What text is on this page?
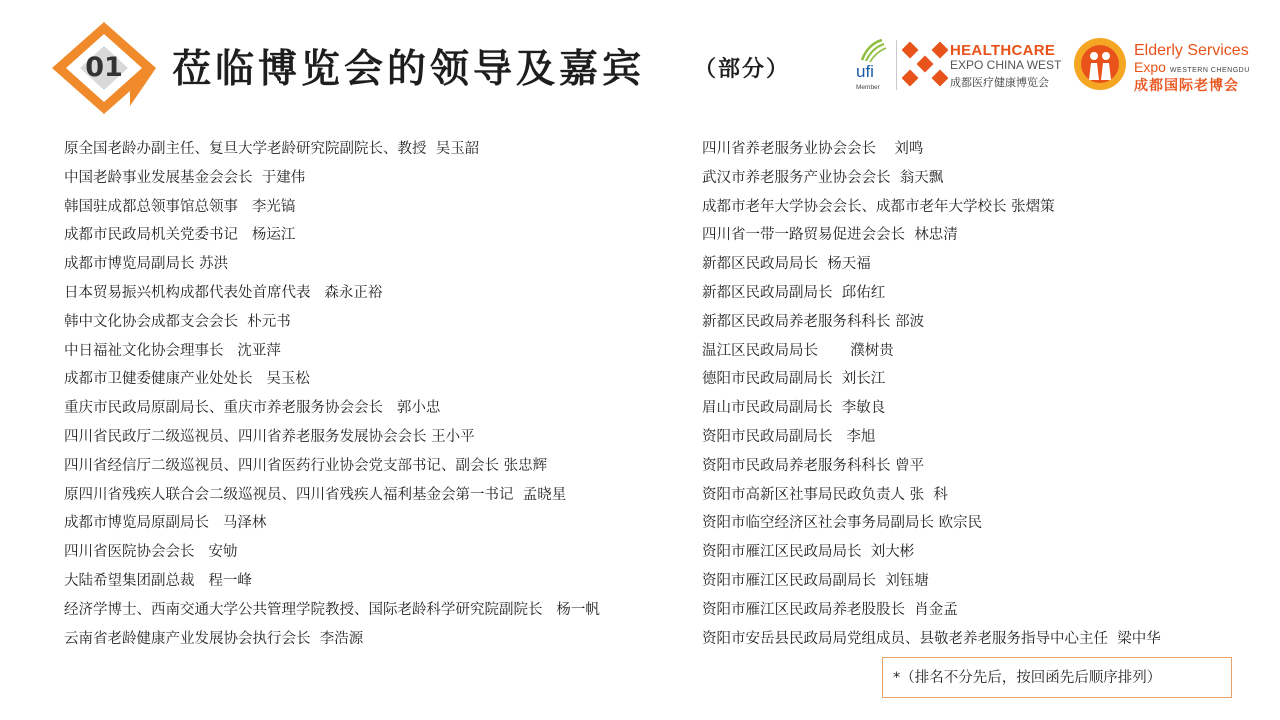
01 莅临博览会的领导及嘉宾 （部分）	ufi
Member
HEALTHCARE
EXPO CHINA WEST
成都医疗健康博览会
Elderly Services
Expo WESTERN CHENGDU
成都国际老博会
原全国老龄办副主任、复旦大学老龄研究院副院长、教授  吴玉韶
中国老龄事业发展基金会会长  于建伟
韩国驻成都总领事馆总领事   李光镐
成都市民政局机关党委书记   杨运江
成都市博览局副局长 苏洪
日本贸易振兴机构成都代表处首席代表   森永正裕
韩中文化协会成都支会会长  朴元书
中日福祉文化协会理事长   沈亚萍
成都市卫健委健康产业处处长   吴玉松
重庆市民政局原副局长、重庆市养老服务协会会长   郭小忠
四川省民政厅二级巡视员、四川省养老服务发展协会会长 王小平
四川省经信厅二级巡视员、四川省医药行业协会党支部书记、副会长 张忠辉
原四川省残疾人联合会二级巡视员、四川省残疾人福利基金会第一书记  孟晓星
成都市博览局原副局长   马泽林
四川省医院协会会长   安劬
大陆希望集团副总裁   程一峰
经济学博士、西南交通大学公共管理学院教授、国际老龄科学研究院副院长   杨一帆
云南省老龄健康产业发展协会执行会长  李浩源
四川省养老服务业协会会长    刘鸣
武汉市养老服务产业协会会长  翁天飘
成都市老年大学协会会长、成都市老年大学校长 张熠策
四川省一带一路贸易促进会会长  林忠清
新都区民政局局长  杨天福
新都区民政局副局长  邱佑红
新都区民政局养老服务科科长 部波
温江区民政局局长       濮树贵
德阳市民政局副局长  刘长江
眉山市民政局副局长  李敏良
资阳市民政局副局长   李旭
资阳市民政局养老服务科科长 曾平
资阳市高新区社事局民政负责人 张  科
资阳市临空经济区社会事务局副局长 欧宗民
资阳市雁江区民政局局长  刘大彬
资阳市雁江区民政局副局长  刘钰塘
资阳市雁江区民政局养老股股长  肖金孟
资阳市安岳县民政局局党组成员、县敬老养老服务指导中心主任  梁中华
*（排名不分先后，按回函先后顺序排列）
